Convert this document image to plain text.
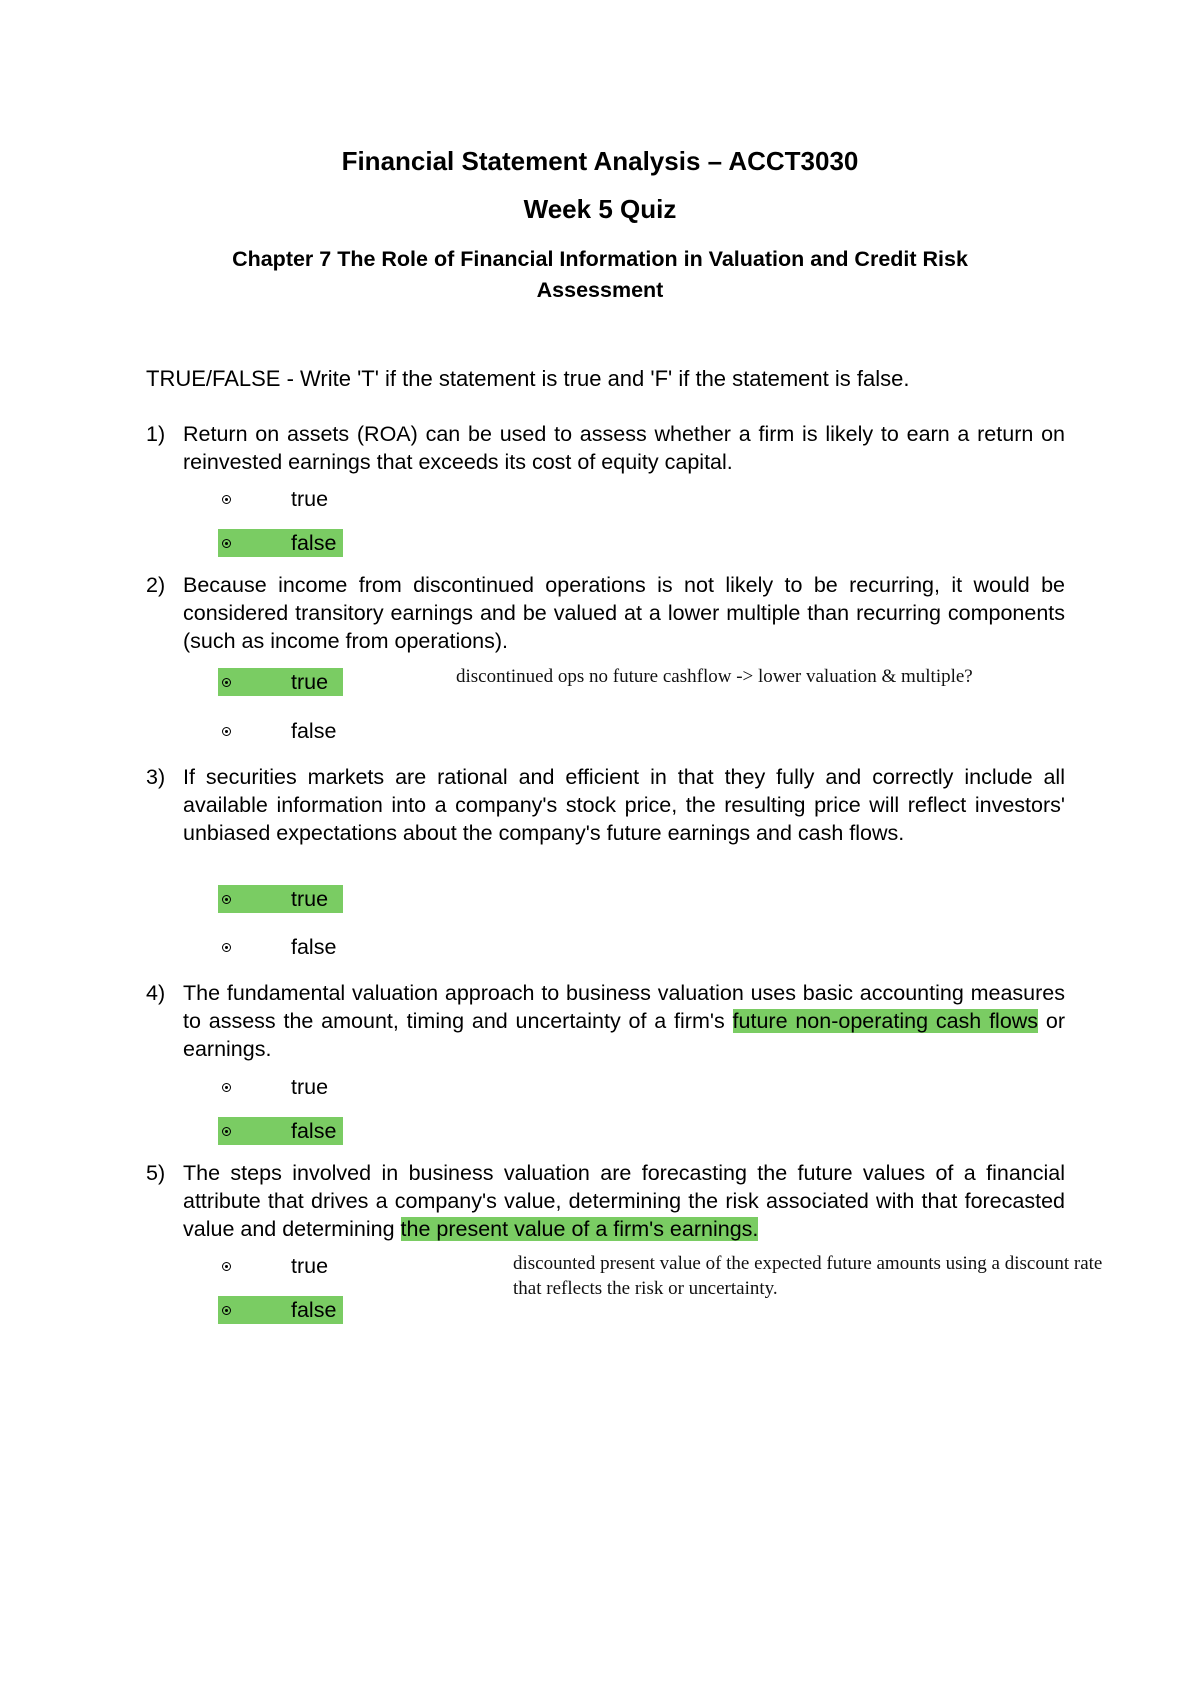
Financial Statement Analysis – ACCT3030
Week 5 Quiz
Chapter 7 The Role of Financial Information in Valuation and Credit Risk Assessment

TRUE/FALSE - Write 'T' if the statement is true and 'F' if the statement is false.

1) Return on assets (ROA) can be used to assess whether a firm is likely to earn a return on reinvested earnings that exceeds its cost of equity capital.
true
false
2) Because income from discontinued operations is not likely to be recurring, it would be considered transitory earnings and be valued at a lower multiple than recurring components (such as income from operations).
true	discontinued ops no future cashflow -> lower valuation & multiple?
false
3) If securities markets are rational and efficient in that they fully and correctly include all available information into a company's stock price, the resulting price will reflect investors' unbiased expectations about the company's future earnings and cash flows.
true
false
4) The fundamental valuation approach to business valuation uses basic accounting measures to assess the amount, timing and uncertainty of a firm's future non-operating cash flows or earnings.
true
false
5) The steps involved in business valuation are forecasting the future values of a financial attribute that drives a company's value, determining the risk associated with that forecasted value and determining the present value of a firm's earnings.
true	discounted present value of the expected future amounts using a discount rate that reflects the risk or uncertainty.
false
